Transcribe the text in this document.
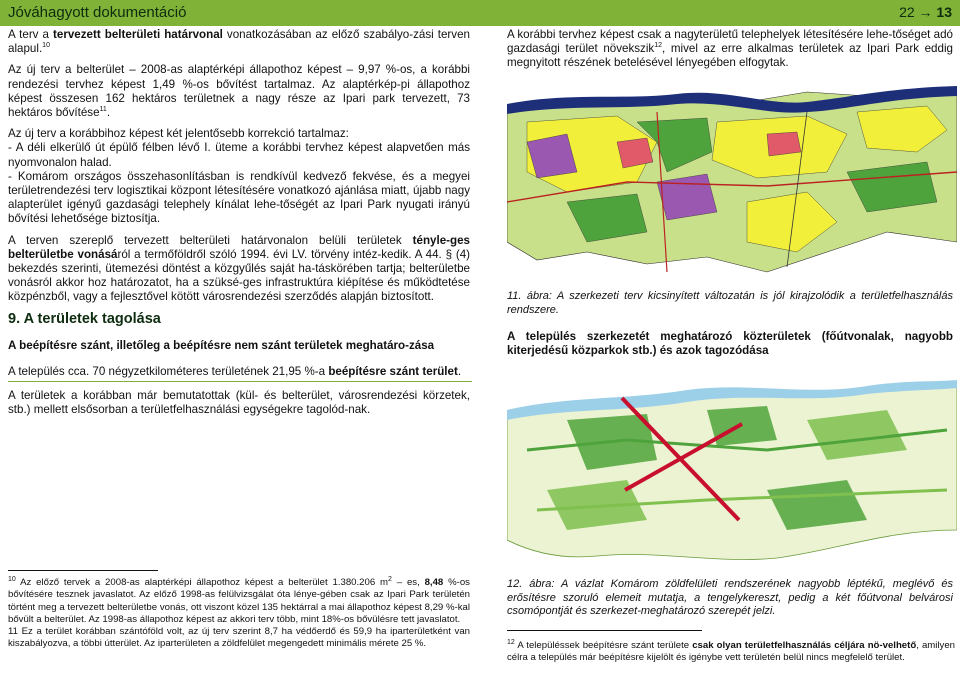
Jóváhagyott dokumentáció	22 → 13

A terv a tervezett belterületi határvonal vonatkozásában az előző szabályo-zási terven alapul.$^{10}$

Az új terv a belterület – 2008-as alaptérképi állapothoz képest – 9,97 %-os, a korábbi rendezési tervhez képest 1,49 %-os bővítést tartalmaz. Az alaptérkép-pi állapothoz képest összesen 162 hektáros területnek a nagy része az Ipari park tervezett, 73 hektáros bővítése$^{11}$.

Az új terv a korábbihoz képest két jelentősebb korrekció tartalmaz:

- A déli elkerülő út épülő félben lévő I. üteme a korábbi tervhez képest alapvetően más nyomvonalon halad.

- Komárom országos összehasonlításban is rendkívül kedvező fekvése, és a megyei területrendezési terv logisztikai központ létesítésére vonatkozó ajánlása miatt, újabb nagy alapterület igényű gazdasági telephely kínálat lehe-tőségét az Ipari Park nyugati irányú bővítési lehetősége biztosítja.

A terven szereplő tervezett belterületi határvonalon belüli területek tényle-ges belterületbe vonásáról a termőföldről szóló 1994. évi LV. törvény intéz-kedik. A 44. § (4) bekezdés szerinti, ütemezési döntést a közgyűlés saját ha-táskörében tartja; belterületbe vonásról akkor hoz határozatot, ha a szüksé-ges infrastruktúra kiépítése és működtetése közpénzből, vagy a fejlesztővel kötött városrendezési szerződés alapján biztosított.

9. A területek tagolása

A beépítésre szánt, illetőleg a beépítésre nem szánt területek meghatáro-zása

A település cca. 70 négyzetkilométeres területének 21,95 %-a beépítésre szánt terület.

A területek a korábban már bemutatottak (kül- és belterület, városrendezési körzetek, stb.) mellett elsősorban a területfelhasználási egységekre tagolód-nak.

$^{10}$ Az előző tervek a 2008-as alaptérképi állapothoz képest a belterület 1.380.206 $m^2$ – es, 8,48 %-os bővítésére tesznek javaslatot. Az előző 1998-as felülvizsgálat óta lénye-gében csak az Ipari Park területén történt meg a tervezett belterületbe vonás, ott viszont közel 135 hektárral a mai állapothoz képest 8,29 %-kal bővült a belterület. Az 1998-as állapothoz képest az akkori terv több, mint 18%-os bővülésre tett javaslatot.
11 Ez a terület korábban szántóföld volt, az új terv szerint 8,7 ha védőerdő és 59,9 ha iparterületként van kiszabályozva, a többi útterület. Az iparterületen a zöldfelület megengedett minimális mérete 25 %.

A korábbi tervhez képest csak a nagyterületű telephelyek létesítésére lehe-tőséget adó gazdasági terület növekszik$^{12}$, mivel az erre alkalmas területek az Ipari Park eddig megnyitott részének betelésével lényegében elfogytak.

11. ábra: A szerkezeti terv kicsinyített változatán is jól kirajzolódik a területfelhasználás rendszere.
A település szerkezetét meghatározó közterületek (főútvonalak, nagyobb kiterjedésű közparkok stb.) és azok tagozódása
12. ábra: A vázlat Komárom zöldfelületi rendszerének nagyobb léptékű, meglévő és erősítésre szoruló elemeit mutatja, a tengelykereszt, pedig a két főútvonal belvárosi csomópontját és szerkezet-meghatározó szerepét jelzi.
$^{12}$ A településsek beépítésre szánt területe csak olyan területfelhasználás céljára nö-velhető, amilyen célra a település már beépítésre kijelölt és igénybe vett területén belül nincs megfelelő terület.
